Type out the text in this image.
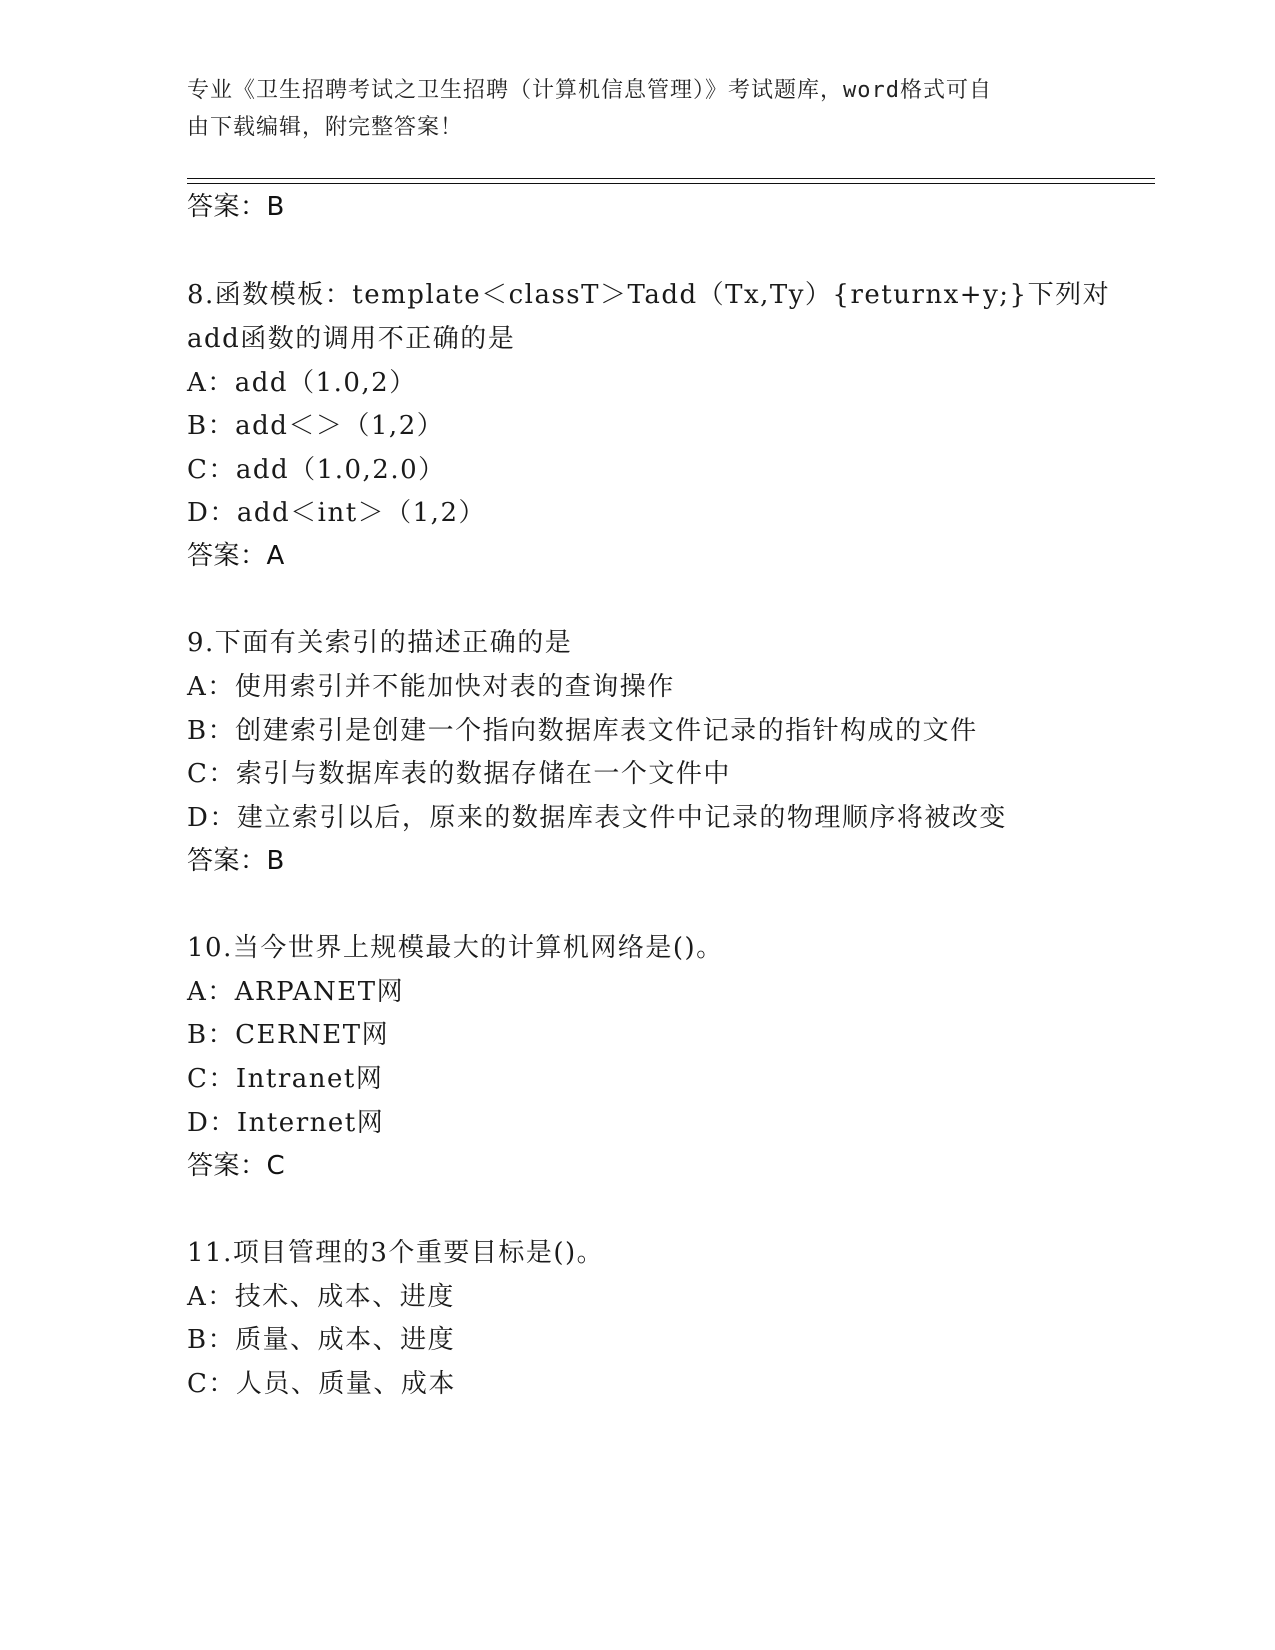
专业《卫生招聘考试之卫生招聘（计算机信息管理）》考试题库，word格式可自
由下载编辑，附完整答案！
答案：B
8.函数模板：template＜classT＞Tadd（Tx,Ty）{returnx+y;}下列对
add函数的调用不正确的是
A：add（1.0,2）
B：add＜＞（1,2）
C：add（1.0,2.0）
D：add＜int＞（1,2）
答案：A
9.下面有关索引的描述正确的是
A：使用索引并不能加快对表的查询操作
B：创建索引是创建一个指向数据库表文件记录的指针构成的文件
C：索引与数据库表的数据存储在一个文件中
D：建立索引以后，原来的数据库表文件中记录的物理顺序将被改变
答案：B
10.当今世界上规模最大的计算机网络是()。
A：ARPANET网
B：CERNET网
C：Intranet网
D：Internet网
答案：C
11.项目管理的3个重要目标是()。
A：技术、成本、进度
B：质量、成本、进度
C：人员、质量、成本
